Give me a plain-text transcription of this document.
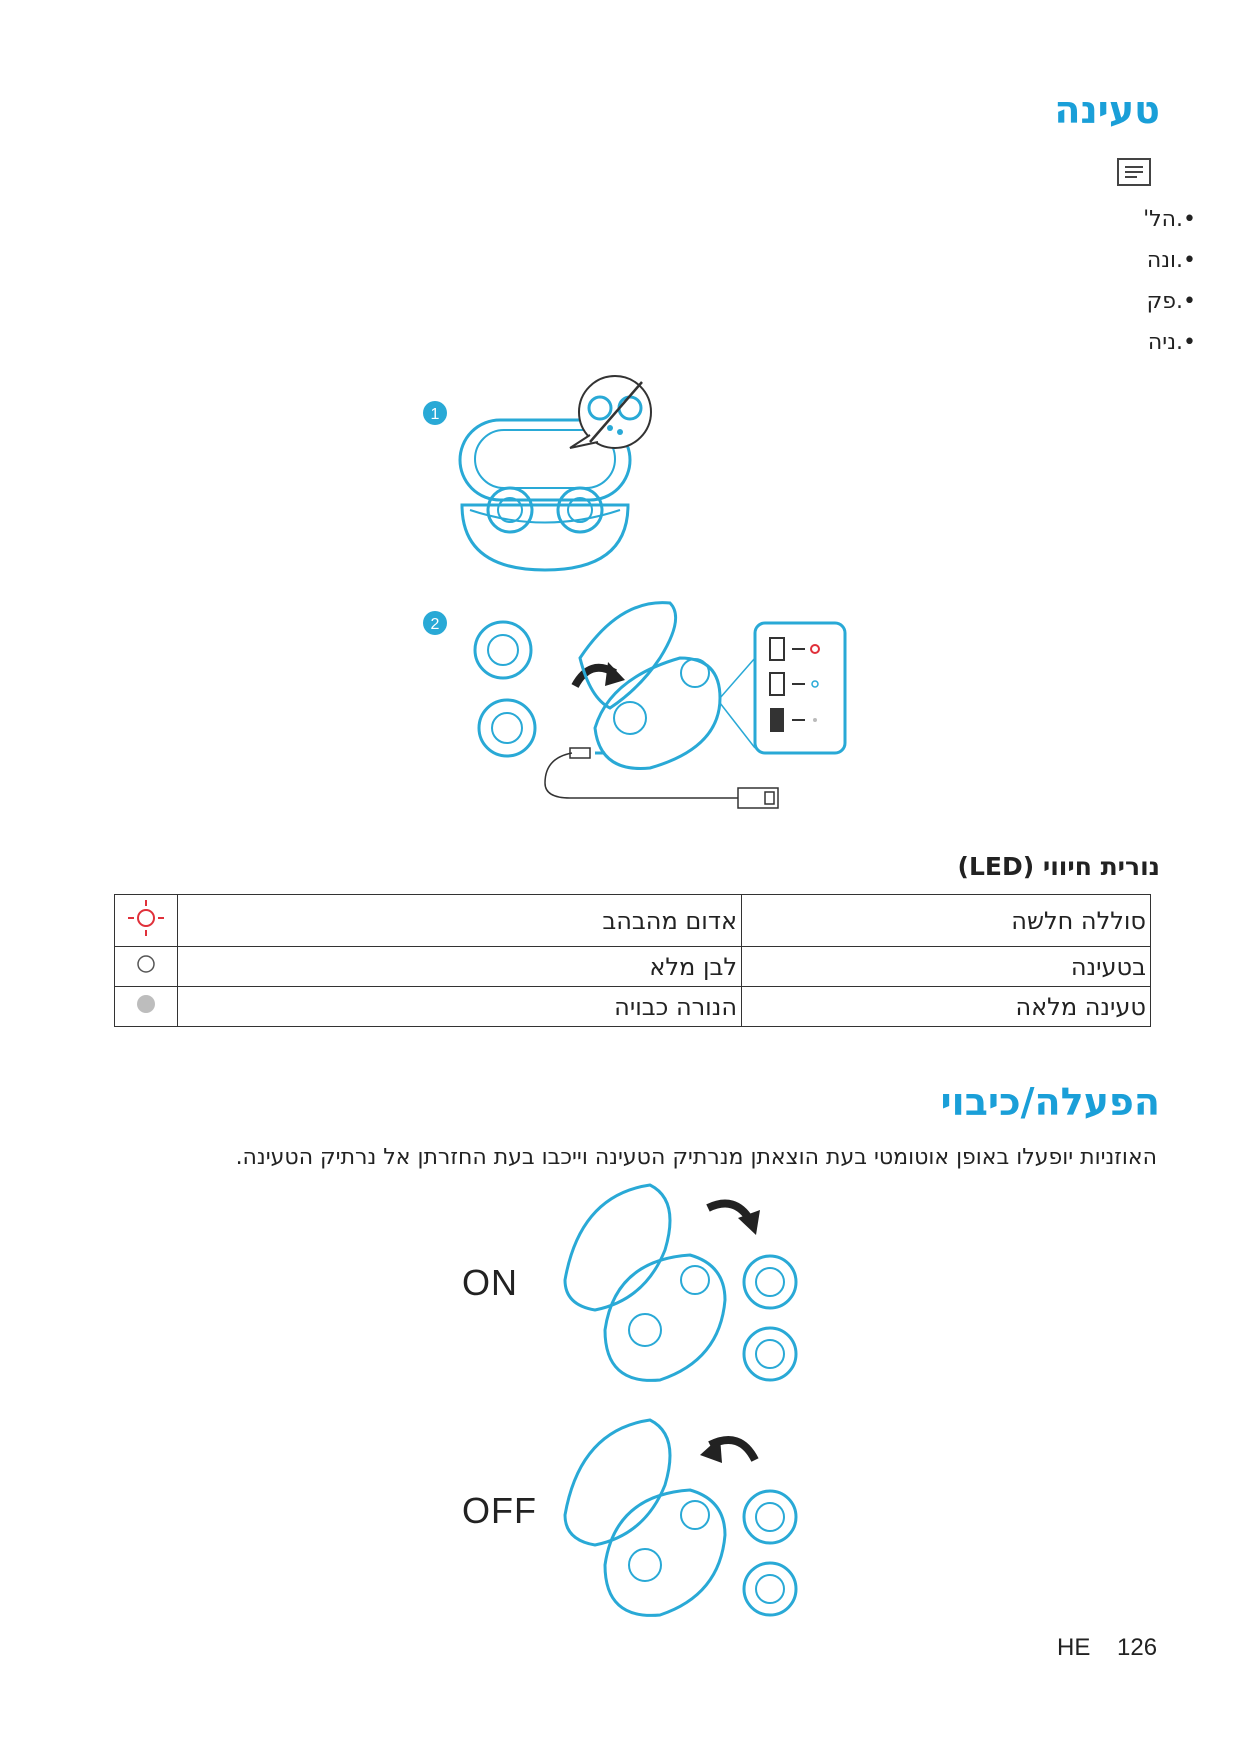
טעינה
•.הל'
•.ונה
•.פק
•.ניה
1
2
נורית חיווי (LED)
	אדום מהבהב	סוללה חלשה
	לבן מלא	בטעינה
	הנורה כבויה	טעינה מלאה
הפעלה/כיבוי
האוזניות יופעלו באופן אוטומטי בעת הוצאתן מנרתיק הטעינה וייכבו בעת החזרתן אל נרתיק הטעינה.
ON
OFF
HE 126
